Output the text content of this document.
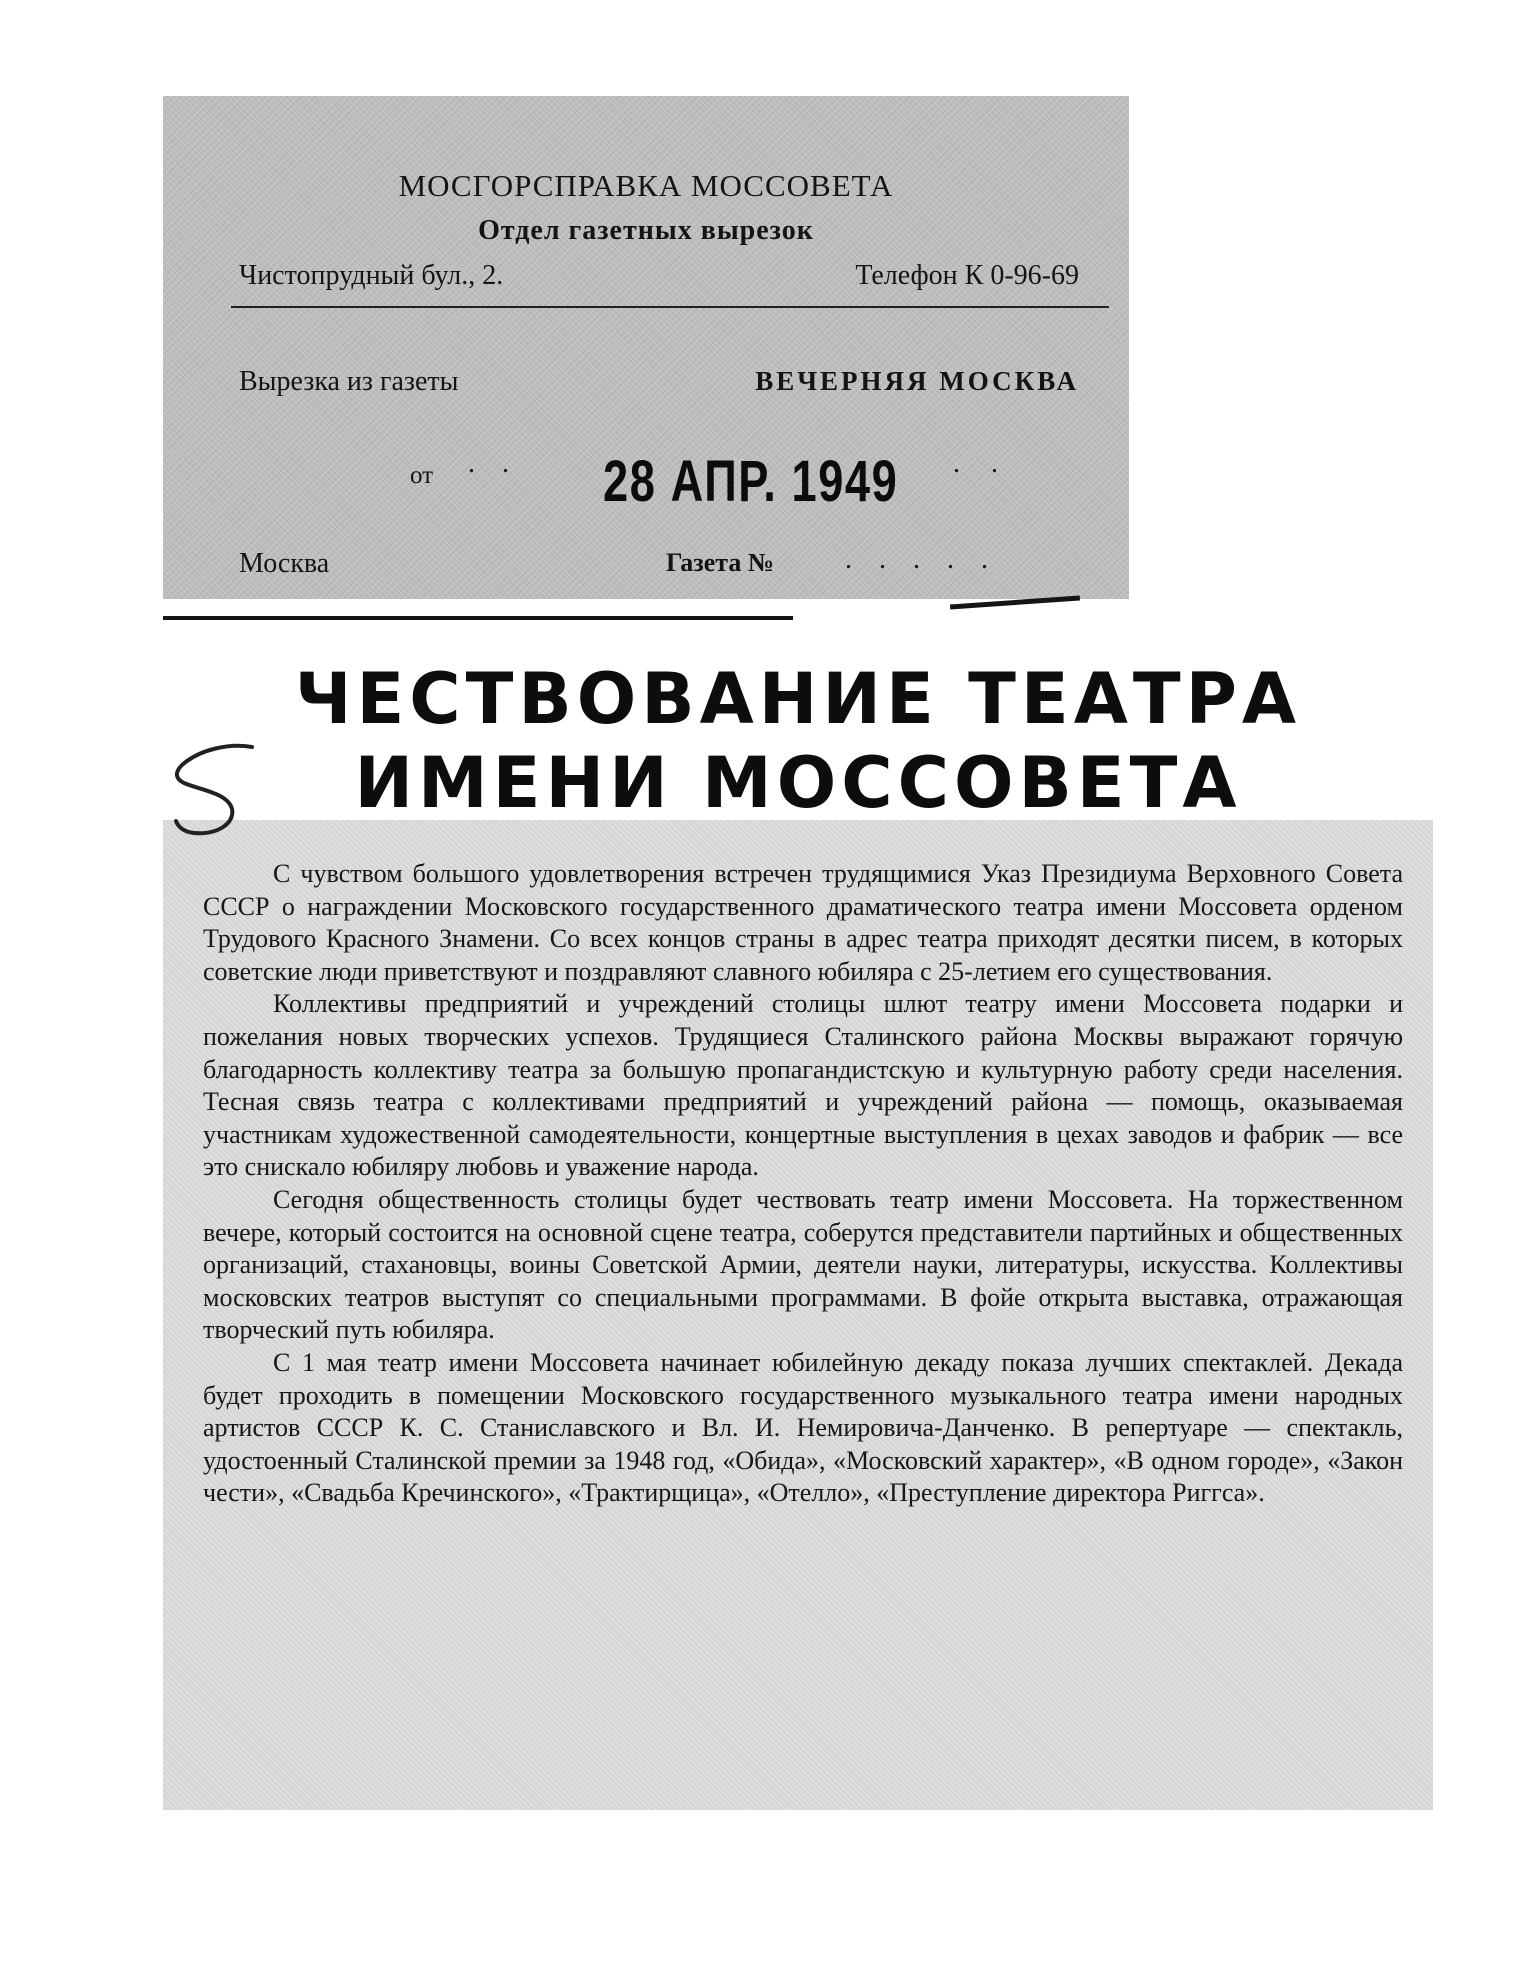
МОСГОРСПРАВКА МОССОВЕТА
Отдел газетных вырезок
Чистопрудный бул., 2.	Телефон К 0-96-69
Вырезка из газеты	ВЕЧЕРНЯЯ МОСКВА
от . . 28 АПР. 1949 . .
Москва	Газета №	. . . . .
ЧЕСТВОВАНИЕ ТЕАТРА
ИМЕНИ МОССОВЕТА

С чувством большого удовлетворения встречен трудящимися Указ Президиума Верховного Совета СССР о награждении Московского государственного драматического театра имени Моссовета орденом Трудового Красного Знамени. Со всех концов страны в адрес театра приходят десятки писем, в которых советские люди приветствуют и поздравляют славного юбиляра с 25-летием его существования.

Коллективы предприятий и учреждений столицы шлют театру имени Моссовета подарки и пожелания новых творческих успехов. Трудящиеся Сталинского района Москвы выражают горячую благодарность коллективу театра за большую пропагандистскую и культурную работу среди населения. Тесная связь театра с коллективами предприятий и учреждений района — помощь, оказываемая участникам художественной самодеятельности, концертные выступления в цехах заводов и фабрик — все это снискало юбиляру любовь и уважение народа.

Сегодня общественность столицы будет чествовать театр имени Моссовета. На торжественном вечере, который состоится на основной сцене театра, соберутся представители партийных и общественных организаций, стахановцы, воины Советской Армии, деятели науки, литературы, искусства. Коллективы московских театров выступят со специальными программами. В фойе открыта выставка, отражающая творческий путь юбиляра.

С 1 мая театр имени Моссовета начинает юбилейную декаду показа лучших спектаклей. Декада будет проходить в помещении Московского государственного музыкального театра имени народных артистов СССР К. С. Станиславского и Вл. И. Немировича-Данченко. В репертуаре — спектакль, удостоенный Сталинской премии за 1948 год, «Обида», «Московский характер», «В одном городе», «Закон чести», «Свадьба Кречинского», «Трактирщица», «Отелло», «Преступление директора Риггса».
